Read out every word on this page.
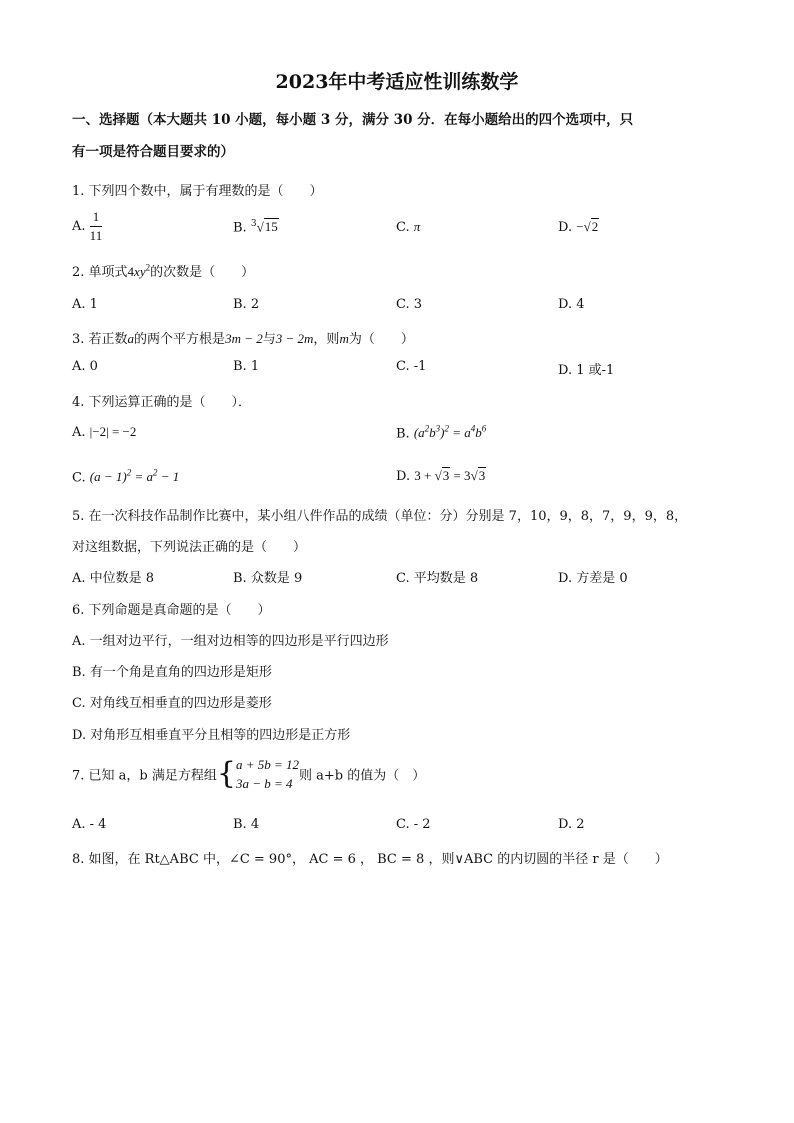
2023年中考适应性训练数学
一、选择题（本大题共 10 小题，每小题 3 分，满分 30 分．在每小题给出的四个选项中，只
有一项是符合题目要求的）
1. 下列四个数中，属于有理数的是（　　）
A. $\frac{1}{11}$	B. $^3$√15	C. π	D. −√2
2. 单项式$4xy^2$的次数是（　　）
A. 1	B. 2	C. 3	D. 4
3. 若正数a的两个平方根是3m − 2与3 − 2m，则m为（　　）
A. 0	B. 1	C. -1	D. 1 或-1
4. 下列运算正确的是（　　）．
A. |−2| = −2	B. $(a^2b^3)^2 = a^4b^6$
C. $(a - 1)^2 = a^2 - 1$	D. 3 + √3 = 3√3
5. 在一次科技作品制作比赛中，某小组八件作品的成绩（单位：分）分别是 7，10，9，8，7，9，9，8，
对这组数据，下列说法正确的是（　　）
A. 中位数是 8	B. 众数是 9	C. 平均数是 8	D. 方差是 0
6. 下列命题是真命题的是（　　）
A. 一组对边平行，一组对边相等的四边形是平行四边形
B. 有一个角是直角的四边形是矩形
C. 对角线互相垂直的四边形是菱形
D. 对角形互相垂直平分且相等的四边形是正方形
7. 已知 a，b 满足方程组{ a + 5b = 12
3a − b = 4 则 a+b 的值为（　）
A. - 4	B. 4	C. - 2	D. 2
8. 如图，在 Rt△ABC 中，∠C = 90°， AC = 6 ， BC = 8 ，则∨ABC 的内切圆的半径 r 是（　　）
